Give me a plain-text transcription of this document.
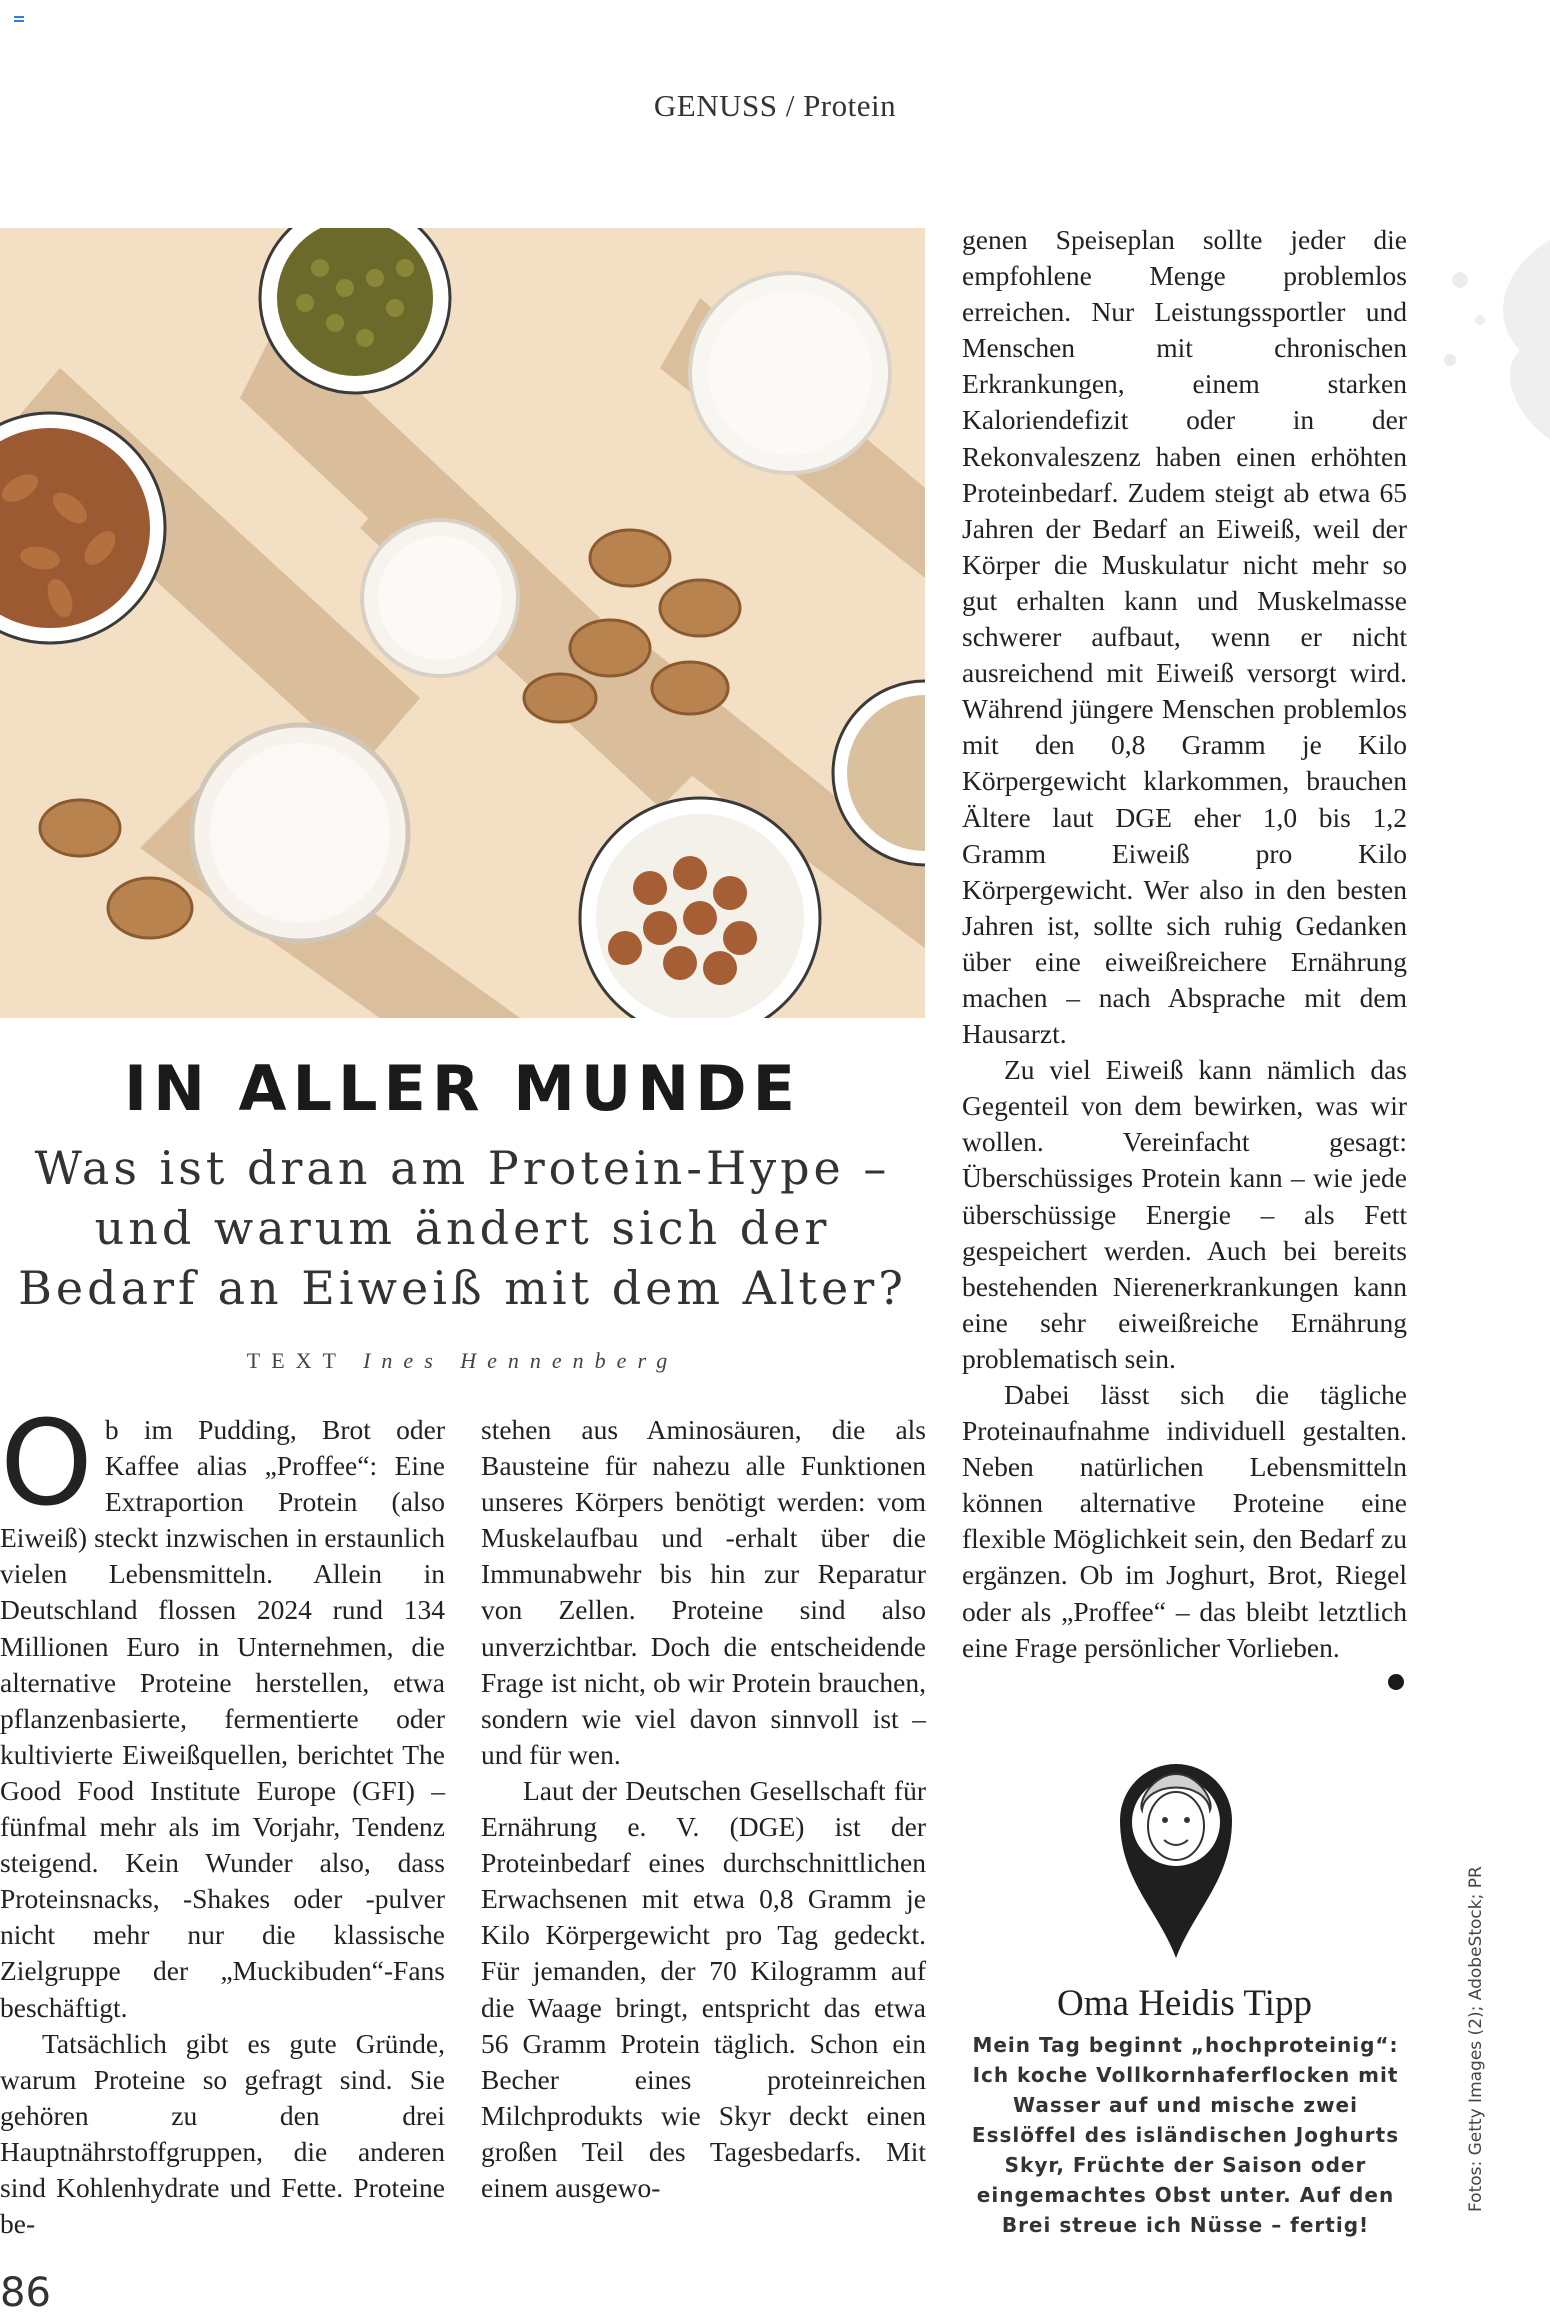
GENUSS / Protein
IN ALLER MUNDE
Was ist dran am Protein-Hype – und warum ändert sich der Bedarf an Eiweiß mit dem Alter?
TEXT Ines Hennenberg

Ob im Pudding, Brot oder Kaffee alias „Proffee“: Eine Extraportion Protein (also Eiweiß) steckt inzwischen in erstaunlich vielen Lebensmitteln. Allein in Deutschland flossen 2024 rund 134 Millionen Euro in Unternehmen, die alternative Proteine herstellen, etwa pflanzenbasierte, fermentierte oder kultivierte Eiweißquellen, berichtet The Good Food Institute Europe (GFI) – fünfmal mehr als im Vorjahr, Tendenz steigend. Kein Wunder also, dass Proteinsnacks, -Shakes oder -pulver nicht mehr nur die klassische Zielgruppe der „Muckibuden“-Fans beschäftigt.

Tatsächlich gibt es gute Gründe, warum Proteine so gefragt sind. Sie gehören zu den drei Hauptnährstoffgruppen, die anderen sind Kohlenhydrate und Fette. Proteine be-

stehen aus Aminosäuren, die als Bausteine für nahezu alle Funktionen unseres Körpers benötigt werden: vom Muskelaufbau und -erhalt über die Immunabwehr bis hin zur Reparatur von Zellen. Proteine sind also unverzichtbar. Doch die entscheidende Frage ist nicht, ob wir Protein brauchen, sondern wie viel davon sinnvoll ist – und für wen.

Laut der Deutschen Gesellschaft für Ernährung e. V. (DGE) ist der Proteinbedarf eines durchschnittlichen Erwachsenen mit etwa 0,8 Gramm je Kilo Körpergewicht pro Tag gedeckt. Für jemanden, der 70 Kilogramm auf die Waage bringt, entspricht das etwa 56 Gramm Protein täglich. Schon ein Becher eines proteinreichen Milchprodukts wie Skyr deckt einen großen Teil des Tagesbedarfs. Mit einem ausgewo-

genen Speiseplan sollte jeder die empfohlene Menge problemlos erreichen. Nur Leistungssportler und Menschen mit chronischen Erkrankungen, einem starken Kaloriendefizit oder in der Rekonvaleszenz haben einen erhöhten Proteinbedarf. Zudem steigt ab etwa 65 Jahren der Bedarf an Eiweiß, weil der Körper die Muskulatur nicht mehr so gut erhalten kann und Muskelmasse schwerer aufbaut, wenn er nicht ausreichend mit Eiweiß versorgt wird. Während jüngere Menschen problemlos mit den 0,8 Gramm je Kilo Körpergewicht klarkommen, brauchen Ältere laut DGE eher 1,0 bis 1,2 Gramm Eiweiß pro Kilo Körpergewicht. Wer also in den besten Jahren ist, sollte sich ruhig Gedanken über eine eiweißreichere Ernährung machen – nach Absprache mit dem Hausarzt.

Zu viel Eiweiß kann nämlich das Gegenteil von dem bewirken, was wir wollen. Vereinfacht gesagt: Überschüssiges Protein kann – wie jede überschüssige Energie – als Fett gespeichert werden. Auch bei bereits bestehenden Nierenerkrankungen kann eine sehr eiweißreiche Ernährung problematisch sein.

Dabei lässt sich die tägliche Proteinaufnahme individuell gestalten. Neben natürlichen Lebensmitteln können alternative Proteine eine flexible Möglichkeit sein, den Bedarf zu ergänzen. Ob im Joghurt, Brot, Riegel oder als „Proffee“ – das bleibt letztlich eine Frage persönlicher Vorlieben.

Oma Heidis Tipp
Mein Tag beginnt „hochproteinig“: Ich koche Vollkornhaferflocken mit Wasser auf und mische zwei Esslöffel des isländischen Joghurts Skyr, Früchte der Saison oder eingemachtes Obst unter. Auf den Brei streue ich Nüsse – fertig!
Fotos: Getty Images (2); AdobeStock; PR
86
